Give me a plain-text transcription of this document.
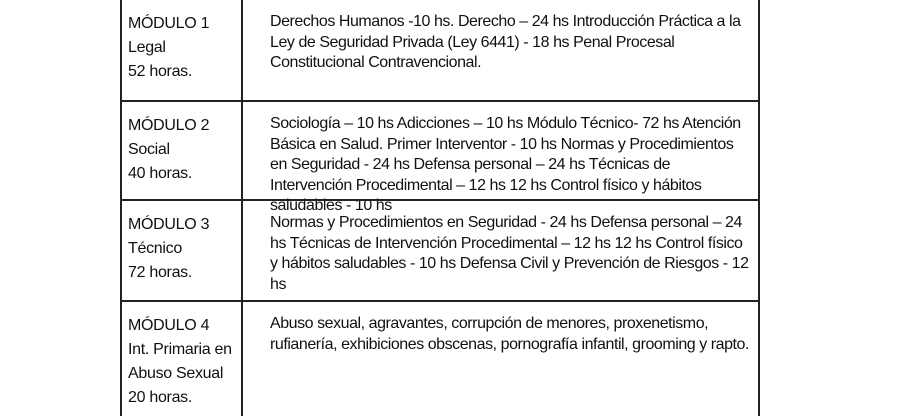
MÓDULO 1
Legal
52 horas.
Derechos Humanos -10 hs. Derecho – 24 hs Introducción Práctica a la Ley de Seguridad Privada (Ley 6441) - 18 hs Penal Procesal Constitucional Contravencional.
MÓDULO 2
Social
40 horas.
Sociología – 10 hs Adicciones – 10 hs Módulo Técnico- 72 hs Atención Básica en Salud. Primer Interventor - 10 hs Normas y Procedimientos en Seguridad - 24 hs Defensa personal – 24 hs Técnicas de Intervención Procedimental – 12 hs 12 hs Control físico y hábitos saludables - 10 hs
MÓDULO 3
Técnico
72 horas.
Normas y Procedimientos en Seguridad - 24 hs Defensa personal – 24 hs Técnicas de Intervención Procedimental – 12 hs 12 hs Control físico y hábitos saludables - 10 hs Defensa Civil y Prevención de Riesgos - 12 hs
MÓDULO 4
Int. Primaria en Abuso Sexual
20 horas.
Abuso sexual, agravantes, corrupción de menores, proxenetismo, rufianería, exhibiciones obscenas, pornografía infantil, grooming y rapto.
